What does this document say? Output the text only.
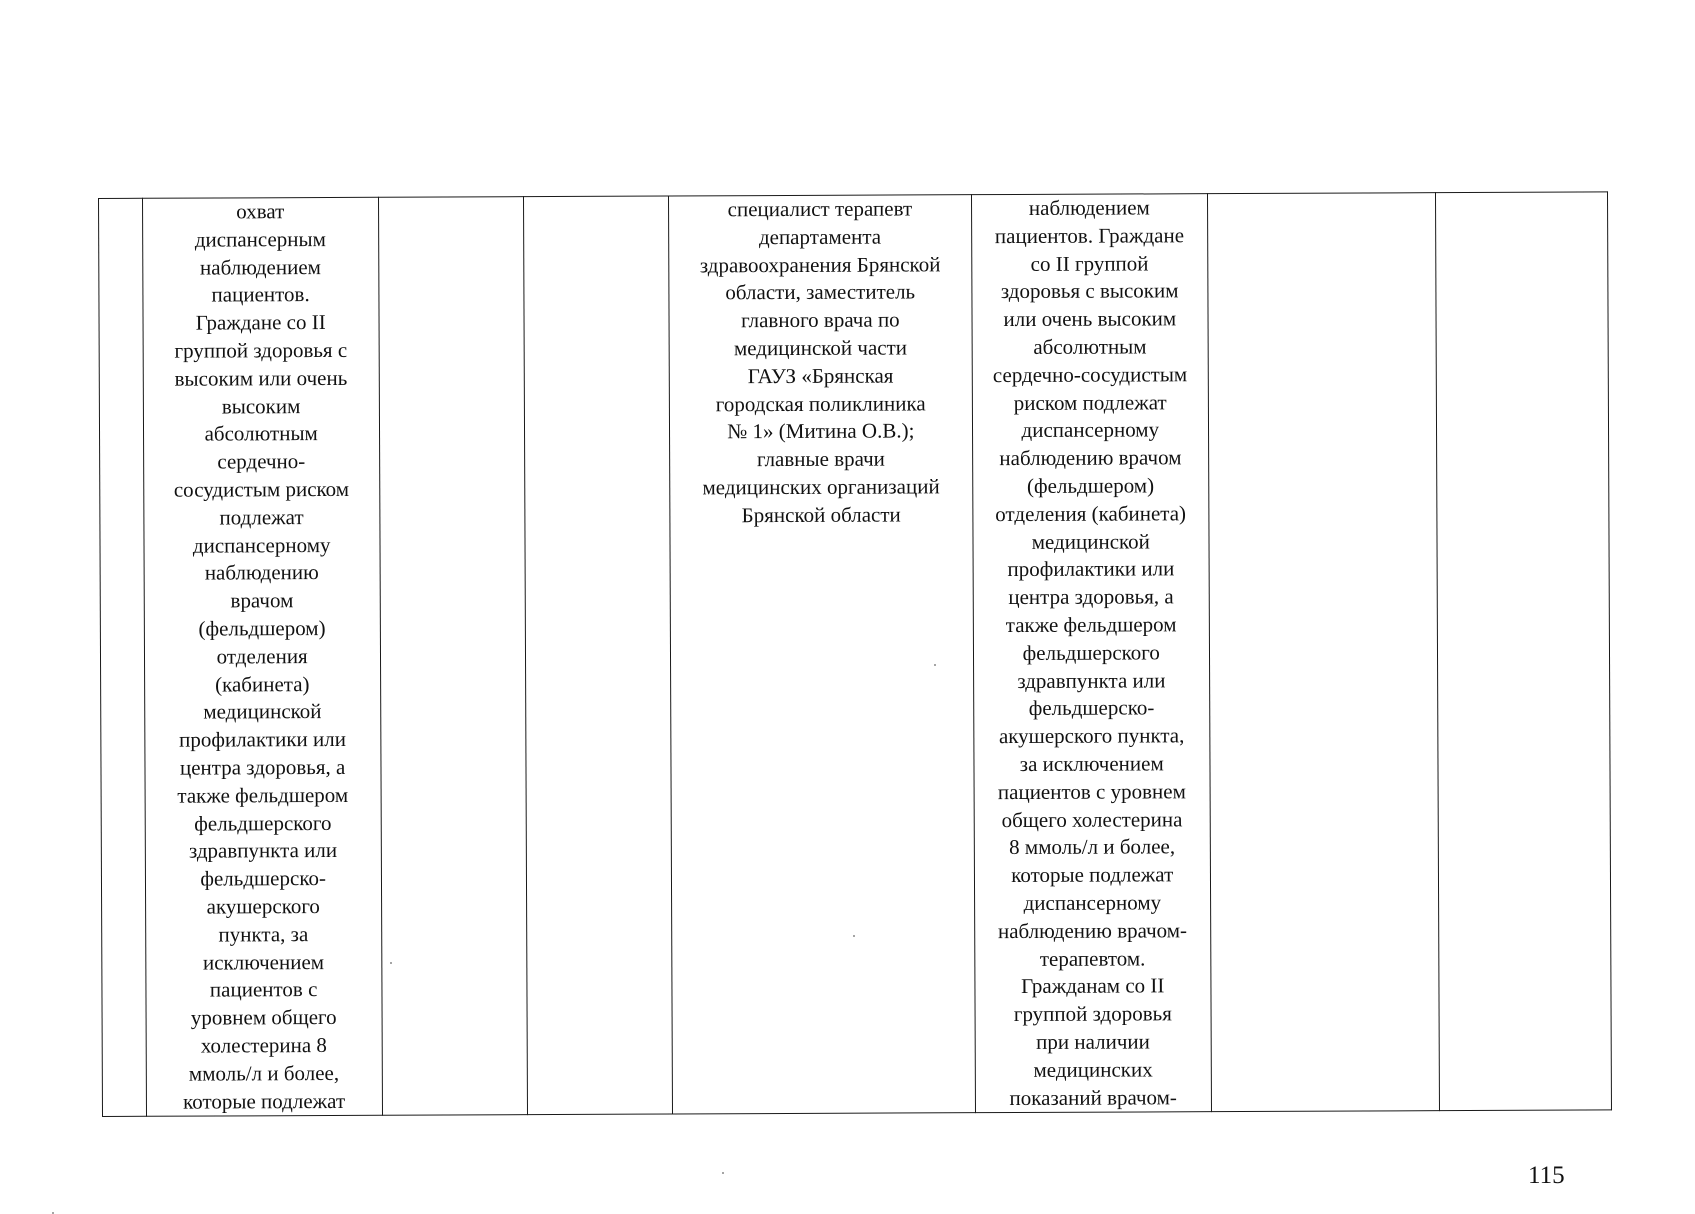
	охват
диспансерным
наблюдением
пациентов.
Граждане со II
группой здоровья с
высоким или очень
высоким
абсолютным
сердечно-
сосудистым риском
подлежат
диспансерному
наблюдению
врачом
(фельдшером)
отделения
(кабинета)
медицинской
профилактики или
центра здоровья, а
также фельдшером
фельдшерского
здравпункта или
фельдшерско-
акушерского
пункта, за
исключением
пациентов с
уровнем общего
холестерина 8
ммоль/л и более,
которые подлежат			специалист терапевт
департамента
здравоохранения Брянской
области, заместитель
главного врача по
медицинской части
ГАУЗ «Брянская
городская поликлиника
№ 1» (Митина О.В.);
главные врачи
медицинских организаций
Брянской области	наблюдением
пациентов. Граждане
со II группой
здоровья с высоким
или очень высоким
абсолютным
сердечно-сосудистым
риском подлежат
диспансерному
наблюдению врачом
(фельдшером)
отделения (кабинета)
медицинской
профилактики или
центра здоровья, а
также фельдшером
фельдшерского
здравпункта или
фельдшерско-
акушерского пункта,
за исключением
пациентов с уровнем
общего холестерина
8 ммоль/л и более,
которые подлежат
диспансерному
наблюдению врачом-
терапевтом.
Гражданам со II
группой здоровья
при наличии
медицинских
показаний врачом-		
115
